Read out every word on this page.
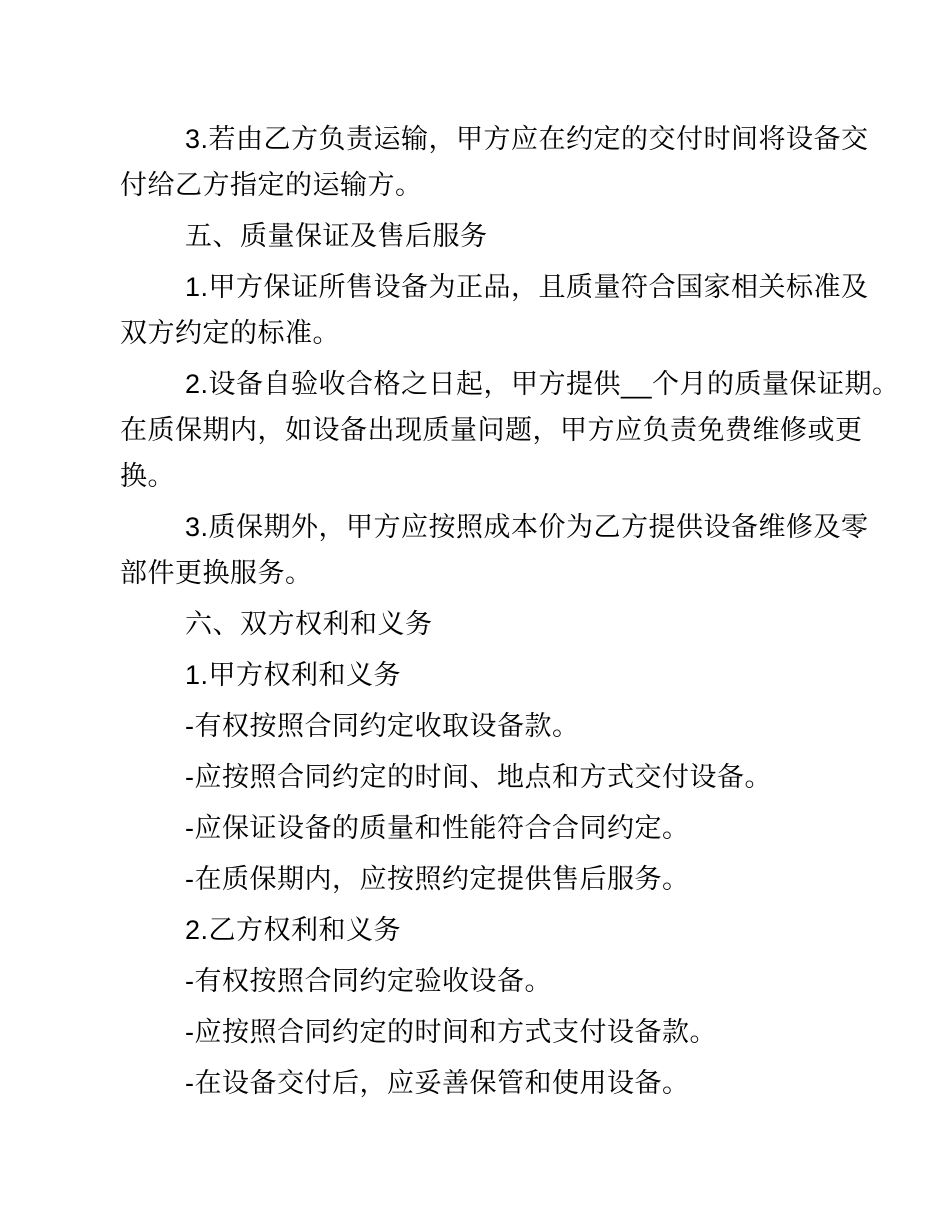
3.若由乙方负责运输，甲方应在约定的交付时间将设备交
付给乙方指定的运输方。
五、质量保证及售后服务
1.甲方保证所售设备为正品，且质量符合国家相关标准及
双方约定的标准。
2.设备自验收合格之日起，甲方提供__个月的质量保证期。
在质保期内，如设备出现质量问题，甲方应负责免费维修或更
换。
3.质保期外，甲方应按照成本价为乙方提供设备维修及零
部件更换服务。
六、双方权利和义务
1.甲方权利和义务
-有权按照合同约定收取设备款。
-应按照合同约定的时间、地点和方式交付设备。
-应保证设备的质量和性能符合合同约定。
-在质保期内，应按照约定提供售后服务。
2.乙方权利和义务
-有权按照合同约定验收设备。
-应按照合同约定的时间和方式支付设备款。
-在设备交付后，应妥善保管和使用设备。
